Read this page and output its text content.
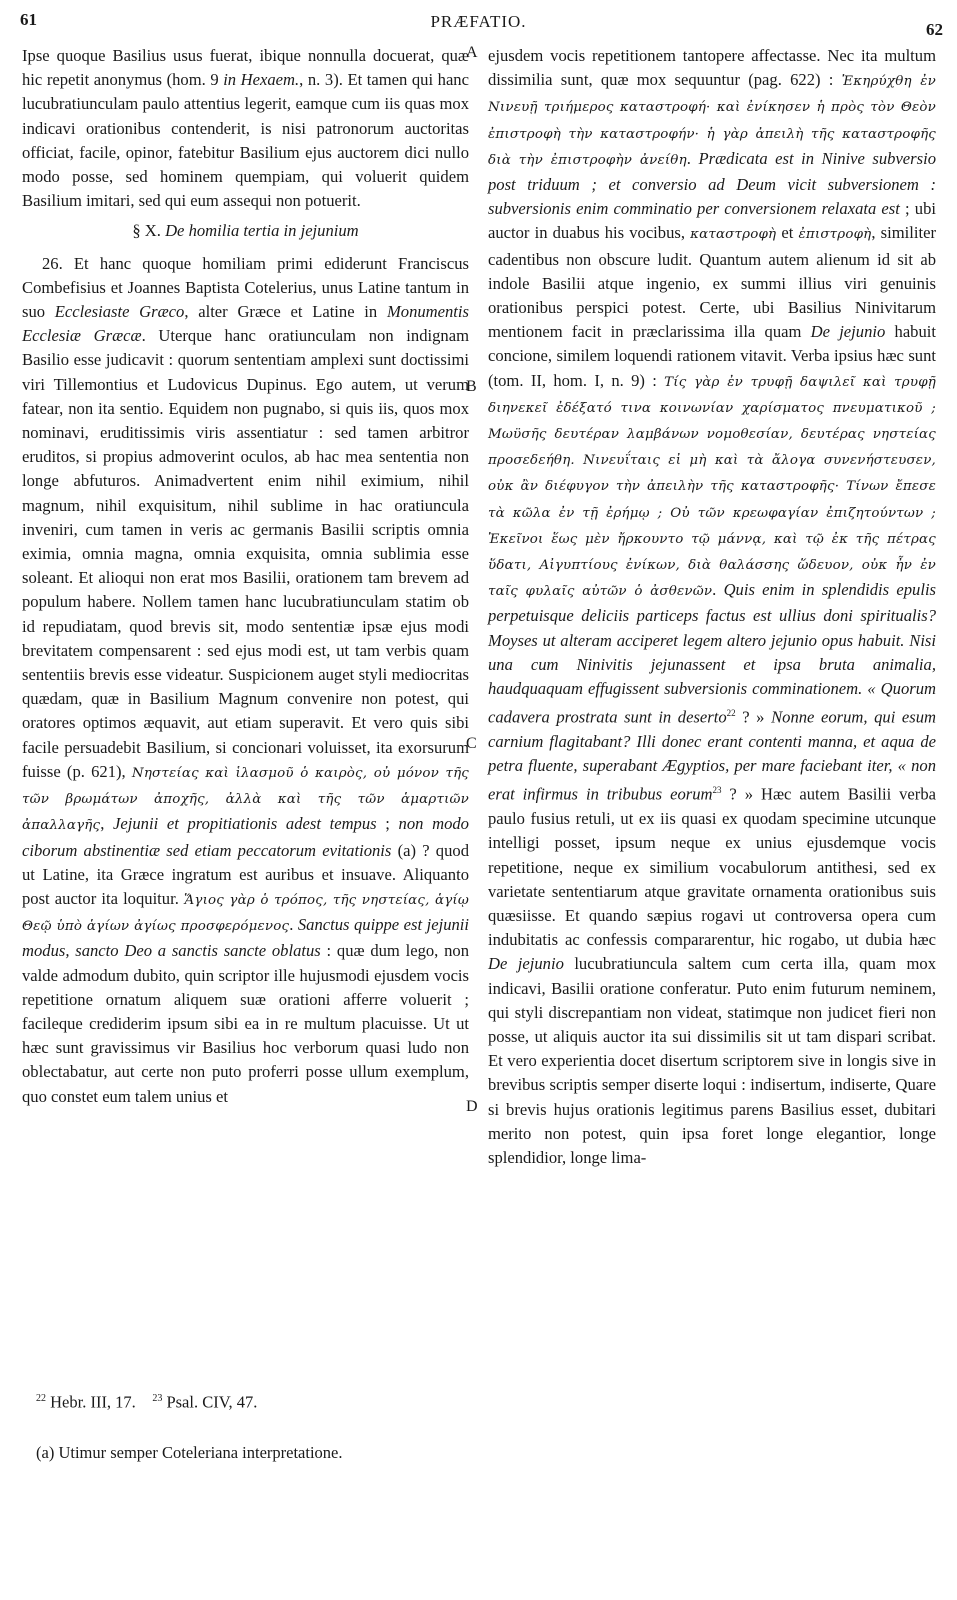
61	PRÆFATIO.	62

Ipse quoque Basilius usus fuerat, ibique nonnulla docuerat, quæ hic repetit anonymus (hom. 9 in Hexaem., n. 3). Et tamen qui hanc lucubratiunculam paulo attentius legerit, eamque cum iis quas mox indicavi orationibus contenderit, is nisi patronorum auctoritas officiat, facile, opinor, fatebitur Basilium ejus auctorem dici nullo modo posse, sed hominem quempiam, qui voluerit quidem Basilium imitari, sed qui eum assequi non potuerit.

§ X. De homilia tertia in jejunium

26. Et hanc quoque homiliam primi ediderunt Franciscus Combefisius et Joannes Baptista Cotelerius, unus Latine tantum in suo Ecclesiaste Græco, alter Græce et Latine in Monumentis Ecclesiæ Græcæ. Uterque hanc oratiunculam non indignam Basilio esse judicavit : quorum sententiam amplexi sunt doctissimi viri Tillemontius et Ludovicus Dupinus. Ego autem, ut verum fatear, non ita sentio. Equidem non pugnabo, si quis iis, quos mox nominavi, eruditissimis viris assentiatur : sed tamen arbitror eruditos, si propius admoverint oculos, ab hac mea sententia non longe abfuturos. Animadvertent enim nihil eximium, nihil magnum, nihil exquisitum, nihil sublime in hac oratiuncula inveniri, cum tamen in veris ac germanis Basilii scriptis omnia eximia, omnia magna, omnia exquisita, omnia sublimia esse soleant. Et alioqui non erat mos Basilii, orationem tam brevem ad populum habere. Nollem tamen hanc lucubratiunculam statim ob id repudiatam, quod brevis sit, modo sententiæ ipsæ ejus modi brevitatem compensarent : sed ejus modi est, ut tam verbis quam sententiis brevis esse videatur. Suspicionem auget styli mediocritas quædam, quæ in Basilium Magnum convenire non potest, qui oratores optimos æquavit, aut etiam superavit. Et vero quis sibi facile persuadebit Basilium, si concionari voluisset, ita exorsurum fuisse (p. 621), Νηστείας καὶ ἱλασμοῦ ὁ καιρὸς, οὐ μόνον τῆς τῶν βρωμάτων ἀποχῆς, ἀλλὰ καὶ τῆς τῶν ἁμαρτιῶν ἀπαλλαγῆς, Jejunii et propitiationis adest tempus ; non modo ciborum abstinentiæ sed etiam peccatorum evitationis (a) ? quod ut Latine, ita Græce ingratum est auribus et insuave. Aliquanto post auctor ita loquitur. Ἅγιος γὰρ ὁ τρόπος, τῆς νηστείας, ἁγίῳ Θεῷ ὑπὸ ἁγίων ἀγίως προσφερόμενος. Sanctus quippe est jejunii modus, sancto Deo a sanctis sancte oblatus : quæ dum lego, non valde admodum dubito, quin scriptor ille hujusmodi ejusdem vocis repetitione ornatum aliquem suæ orationi afferre voluerit ; facileque crediderim ipsum sibi ea in re multum placuisse. Ut ut hæc sunt gravissimus vir Basilius hoc verborum quasi ludo non oblectabatur, aut certe non puto proferri posse ullum exemplum, quo constet eum talem unius et

A
B
C
D

ejusdem vocis repetitionem tantopere affectasse. Nec ita multum dissimilia sunt, quæ mox sequuntur (pag. 622) : Ἐκηρύχθη ἐν Νινευῇ τριήμερος καταστροφή· καὶ ἐνίκησεν ἡ πρὸς τὸν Θεὸν ἐπιστροφὴ τὴν καταστροφήν· ἡ γὰρ ἀπειλὴ τῆς καταστροφῆς διὰ τὴν ἐπιστροφὴν ἀνείθη. Prædicata est in Ninive subversio post triduum ; et conversio ad Deum vicit subversionem : subversionis enim comminatio per conversionem relaxata est ; ubi auctor in duabus his vocibus, καταστροφὴ et ἐπιστροφὴ, similiter cadentibus non obscure ludit. Quantum autem alienum id sit ab indole Basilii atque ingenio, ex summi illius viri genuinis orationibus perspici potest. Certe, ubi Basilius Ninivitarum mentionem facit in præclarissima illa quam De jejunio habuit concione, similem loquendi rationem vitavit. Verba ipsius hæc sunt (tom. II, hom. I, n. 9) : Τίς γὰρ ἐν τρυφῇ δαψιλεῖ καὶ τρυφῇ διηνεκεῖ ἐδέξατό τινα κοινωνίαν χαρίσματος πνευματικοῦ ; Μωϋσῆς δευτέραν λαμβάνων νομοθεσίαν, δευτέρας νηστείας προσεδεήθη. Νινευΐταις εἰ μὴ καὶ τὰ ἄλογα συνενήστευσεν, οὐκ ἂν διέφυγον τὴν ἀπειλὴν τῆς καταστροφῆς· Τίνων ἔπεσε τὰ κῶλα ἐν τῇ ἐρήμῳ ; Οὐ τῶν κρεωφαγίαν ἐπιζητούντων ; Ἐκεῖνοι ἕως μὲν ἤρκουντο τῷ μάννᾳ, καὶ τῷ ἐκ τῆς πέτρας ὕδατι, Αἰγυπτίους ἐνίκων, διὰ θαλάσσης ὥδευον, οὐκ ἦν ἐν ταῖς φυλαῖς αὐτῶν ὁ ἀσθενῶν. Quis enim in splendidis epulis perpetuisque deliciis particeps factus est ullius doni spiritualis? Moyses ut alteram acciperet legem altero jejunio opus habuit. Nisi una cum Ninivitis jejunassent et ipsa bruta animalia, haudquaquam effugissent subversionis comminationem. « Quorum cadavera prostrata sunt in deserto$^{22}$ ? » Nonne eorum, qui esum carnium flagitabant? Illi donec erant contenti manna, et aqua de petra fluente, superabant Ægyptios, per mare faciebant iter, « non erat infirmus in tribubus eorum$^{23}$ ? » Hæc autem Basilii verba paulo fusius retuli, ut ex iis quasi ex quodam specimine utcunque intelligi posset, ipsum neque ex unius ejusdemque vocis repetitione, neque ex similium vocabulorum antithesi, sed ex varietate sententiarum atque gravitate ornamenta orationibus suis quæsiisse. Et quando sæpius rogavi ut controversa opera cum indubitatis ac confessis compararentur, hic rogabo, ut dubia hæc De jejunio lucubratiuncula saltem cum certa illa, quam mox indicavi, Basilii oratione conferatur. Puto enim futurum neminem, qui styli discrepantiam non videat, statimque non judicet fieri non posse, ut aliquis auctor ita sui dissimilis sit ut tam dispari scribat. Et vero experientia docet disertum scriptorem sive in longis sive in brevibus scriptis semper diserte loqui : indisertum, indiserte, Quare si brevis hujus orationis legitimus parens Basilius esset, dubitari merito non potest, quin ipsa foret longe elegantior, longe splendidior, longe lima-

$^{22}$ Hebr. III, 17. $^{23}$ Psal. CIV, 47.
(a) Utimur semper Coteleriana interpretatione.
